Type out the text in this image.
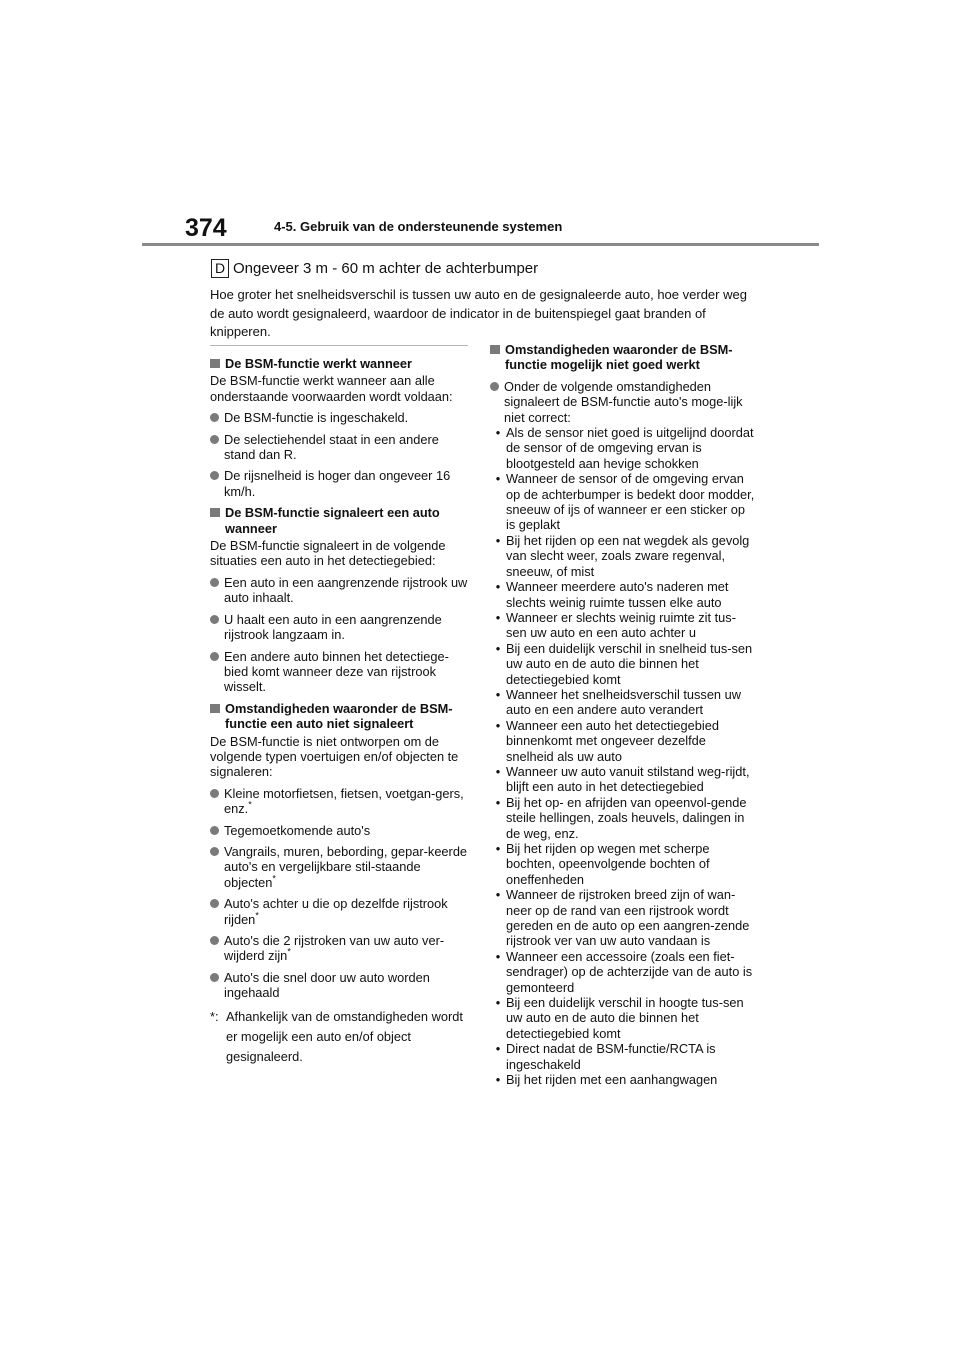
374	4-5. Gebruik van de ondersteunende systemen
D Ongeveer 3 m - 60 m achter de achterbumper
Hoe groter het snelheidsverschil is tussen uw auto en de gesignaleerde auto, hoe verder weg de auto wordt gesignaleerd, waardoor de indicator in de buitenspiegel gaat branden of knipperen.
De BSM-functie werkt wanneer
De BSM-functie werkt wanneer aan alle onderstaande voorwaarden wordt voldaan:
De BSM-functie is ingeschakeld.
De selectiehendel staat in een andere stand dan R.
De rijsnelheid is hoger dan ongeveer 16 km/h.
De BSM-functie signaleert een auto wanneer
De BSM-functie signaleert in de volgende situaties een auto in het detectiegebied:
Een auto in een aangrenzende rijstrook uw auto inhaalt.
U haalt een auto in een aangrenzende rijstrook langzaam in.
Een andere auto binnen het detectiege-bied komt wanneer deze van rijstrook wisselt.
Omstandigheden waaronder de BSM-functie een auto niet signaleert
De BSM-functie is niet ontworpen om de volgende typen voertuigen en/of objecten te signaleren:
Kleine motorfietsen, fietsen, voetgan-gers, enz.*
Tegemoetkomende auto's
Vangrails, muren, bebording, gepar-keerde auto's en vergelijkbare stil-staande objecten*
Auto's achter u die op dezelfde rijstrook rijden*
Auto's die 2 rijstroken van uw auto ver-wijderd zijn*
Auto's die snel door uw auto worden ingehaald
*: Afhankelijk van de omstandigheden wordt er mogelijk een auto en/of object gesignaleerd.
Omstandigheden waaronder de BSM-functie mogelijk niet goed werkt
Onder de volgende omstandigheden signaleert de BSM-functie auto's moge-lijk niet correct:
• Als de sensor niet goed is uitgelijnd doordat de sensor of de omgeving ervan is blootgesteld aan hevige schokken
• Wanneer de sensor of de omgeving ervan op de achterbumper is bedekt door modder, sneeuw of ijs of wanneer er een sticker op is geplakt
• Bij het rijden op een nat wegdek als gevolg van slecht weer, zoals zware regenval, sneeuw, of mist
• Wanneer meerdere auto's naderen met slechts weinig ruimte tussen elke auto
• Wanneer er slechts weinig ruimte zit tus-sen uw auto en een auto achter u
• Bij een duidelijk verschil in snelheid tus-sen uw auto en de auto die binnen het detectiegebied komt
• Wanneer het snelheidsverschil tussen uw auto en een andere auto verandert
• Wanneer een auto het detectiegebied binnenkomt met ongeveer dezelfde snelheid als uw auto
• Wanneer uw auto vanuit stilstand weg-rijdt, blijft een auto in het detectiegebied
• Bij het op- en afrijden van opeenvol-gende steile hellingen, zoals heuvels, dalingen in de weg, enz.
• Bij het rijden op wegen met scherpe bochten, opeenvolgende bochten of oneffenheden
• Wanneer de rijstroken breed zijn of wan-neer op de rand van een rijstrook wordt gereden en de auto op een aangren-zende rijstrook ver van uw auto vandaan is
• Wanneer een accessoire (zoals een fiet-sendrager) op de achterzijde van de auto is gemonteerd
• Bij een duidelijk verschil in hoogte tus-sen uw auto en de auto die binnen het detectiegebied komt
• Direct nadat de BSM-functie/RCTA is ingeschakeld
• Bij het rijden met een aanhangwagen
